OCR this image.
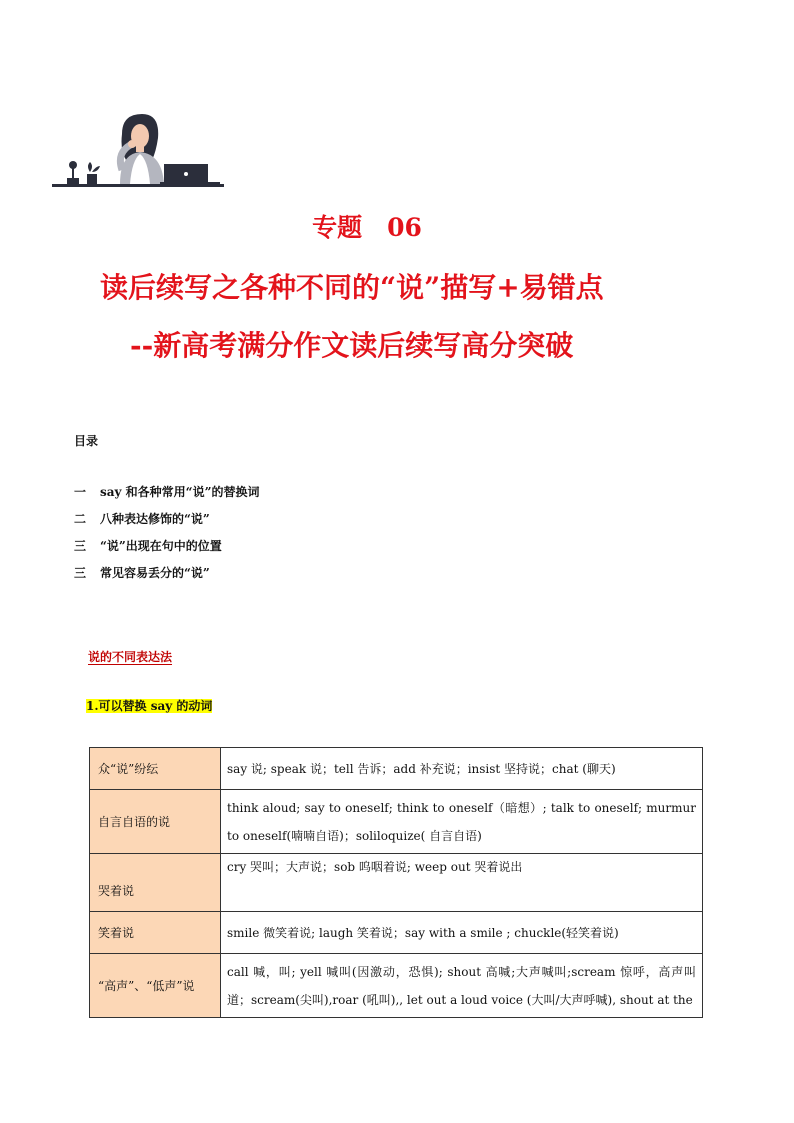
专题　06
读后续写之各种不同的“说”描写+易错点
--新高考满分作文读后续写高分突破
目录
一 say 和各种常用“说”的替换词
二 八种表达修饰的“说”
三 “说”出现在句中的位置
三 常见容易丢分的“说”
说的不同表达法
1.可以替换 say 的动词
众“说”纷纭	say 说; speak 说；tell 告诉；add 补充说；insist 坚持说；chat (聊天)
自言自语的说	think aloud; say to oneself; think to oneself（暗想）; talk to oneself; murmur to oneself(喃喃自语)；soliloquize( 自言自语)
哭着说	cry 哭叫；大声说；sob 呜咽着说; weep out 哭着说出
笑着说	smile 微笑着说; laugh 笑着说；say with a smile ; chuckle(轻笑着说)
“高声”、“低声”说	call 喊，叫; yell 喊叫(因激动，恐惧); shout 高喊;大声喊叫;scream 惊呼，高声叫道；scream(尖叫),roar (吼叫),, let out a loud voice (大叫/大声呼喊), shout at the
